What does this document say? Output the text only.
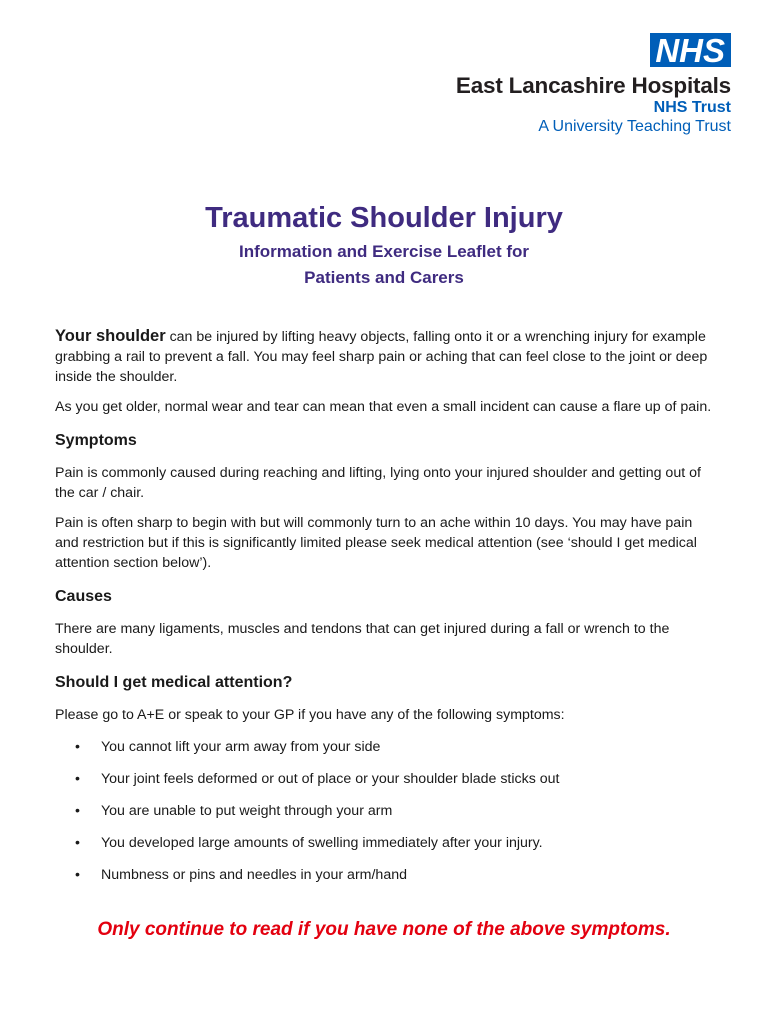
NHS
East Lancashire Hospitals
NHS Trust
A University Teaching Trust
Traumatic Shoulder Injury
Information and Exercise Leaflet for
Patients and Carers

Your shoulder can be injured by lifting heavy objects, falling onto it or a wrenching injury for example grabbing a rail to prevent a fall. You may feel sharp pain or aching that can feel close to the joint or deep inside the shoulder.

As you get older, normal wear and tear can mean that even a small incident can cause a flare up of pain.

Symptoms

Pain is commonly caused during reaching and lifting, lying onto your injured shoulder and getting out of the car / chair.

Pain is often sharp to begin with but will commonly turn to an ache within 10 days. You may have pain and restriction but if this is significantly limited please seek medical attention (see ‘should I get medical attention section below’).

Causes

There are many ligaments, muscles and tendons that can get injured during a fall or wrench to the shoulder.

Should I get medical attention?

Please go to A+E or speak to your GP if you have any of the following symptoms:

• You cannot lift your arm away from your side
• Your joint feels deformed or out of place or your shoulder blade sticks out
• You are unable to put weight through your arm
• You developed large amounts of swelling immediately after your injury.
• Numbness or pins and needles in your arm/hand
Only continue to read if you have none of the above symptoms.
